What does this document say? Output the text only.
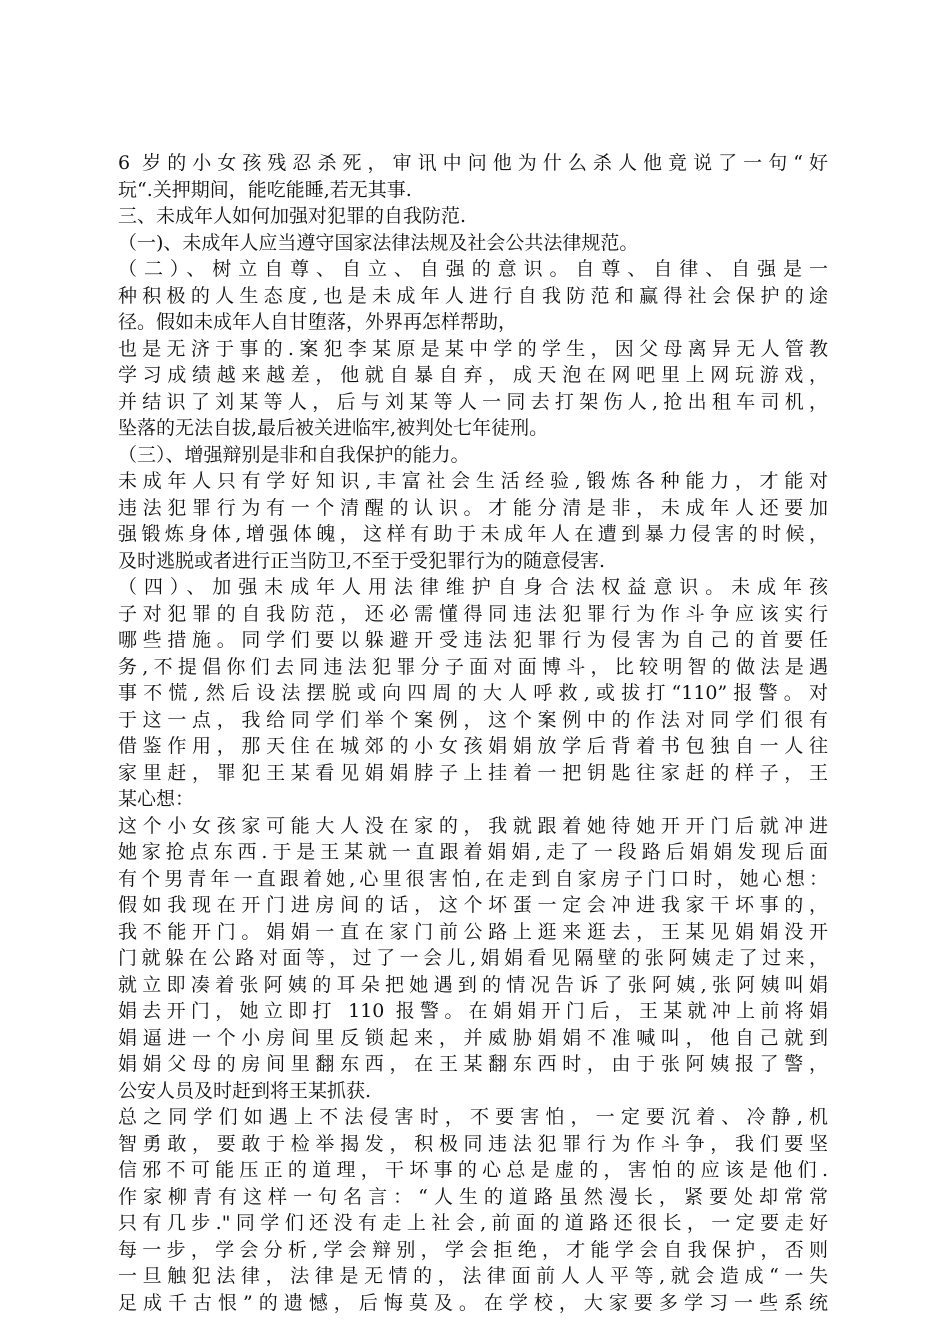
6 岁的小女孩残忍杀死，审讯中问他为什么杀人他竟说了一句“好
玩“.关押期间，能吃能睡,若无其事.
三、未成年人如何加强对犯罪的自我防范.
（一)、未成年人应当遵守国家法律法规及社会公共法律规范。
（二）、树立自尊、自立、自强的意识。自尊、自律、自强是一
种积极的人生态度,也是未成年人进行自我防范和赢得社会保护的途
径。假如未成年人自甘堕落，外界再怎样帮助，
也是无济于事的.案犯李某原是某中学的学生，因父母离异无人管教
学习成绩越来越差，他就自暴自弃，成天泡在网吧里上网玩游戏，
并结识了刘某等人，后与刘某等人一同去打架伤人,抢出租车司机，
坠落的无法自拔,最后被关进临牢,被判处七年徒刑。
（三）、增强辩别是非和自我保护的能力。
未成年人只有学好知识,丰富社会生活经验,锻炼各种能力，才能对
违法犯罪行为有一个清醒的认识。才能分清是非，未成年人还要加
强锻炼身体,增强体魄，这样有助于未成年人在遭到暴力侵害的时候，
及时逃脱或者进行正当防卫,不至于受犯罪行为的随意侵害.
（四）、加强未成年人用法律维护自身合法权益意识。未成年孩
子对犯罪的自我防范，还必需懂得同违法犯罪行为作斗争应该实行
哪些措施。同学们要以躲避开受违法犯罪行为侵害为自己的首要任
务,不提倡你们去同违法犯罪分子面对面博斗，比较明智的做法是遇
事不慌,然后设法摆脱或向四周的大人呼救,或拔打“110”报警。对
于这一点，我给同学们举个案例，这个案例中的作法对同学们很有
借鉴作用，那天住在城郊的小女孩娟娟放学后背着书包独自一人往
家里赶，罪犯王某看见娟娟脖子上挂着一把钥匙往家赶的样子，王
某心想：
这个小女孩家可能大人没在家的，我就跟着她待她开开门后就冲进
她家抢点东西.于是王某就一直跟着娟娟,走了一段路后娟娟发现后面
有个男青年一直跟着她,心里很害怕,在走到自家房子门口时，她心想：
假如我现在开门进房间的话，这个坏蛋一定会冲进我家干坏事的，
我不能开门。娟娟一直在家门前公路上逛来逛去，王某见娟娟没开
门就躲在公路对面等，过了一会儿,娟娟看见隔壁的张阿姨走了过来，
就立即凑着张阿姨的耳朵把她遇到的情况告诉了张阿姨,张阿姨叫娟
娟去开门，她立即打 110 报警。在娟娟开门后，王某就冲上前将娟
娟逼进一个小房间里反锁起来，并威胁娟娟不准喊叫，他自己就到
娟娟父母的房间里翻东西，在王某翻东西时，由于张阿姨报了警，
公安人员及时赶到将王某抓获.
总之同学们如遇上不法侵害时，不要害怕，一定要沉着、冷静,机
智勇敢，要敢于检举揭发，积极同违法犯罪行为作斗争，我们要坚
信邪不可能压正的道理，干坏事的心总是虚的，害怕的应该是他们.
作家柳青有这样一句名言：“人生的道路虽然漫长，紧要处却常常
只有几步."同学们还没有走上社会,前面的道路还很长，一定要走好
每一步，学会分析,学会辩别，学会拒绝，才能学会自我保护，否则
一旦触犯法律，法律是无情的，法律面前人人平等,就会造成“一失
足成千古恨”的遗憾，后悔莫及。在学校，大家要多学习一些系统
